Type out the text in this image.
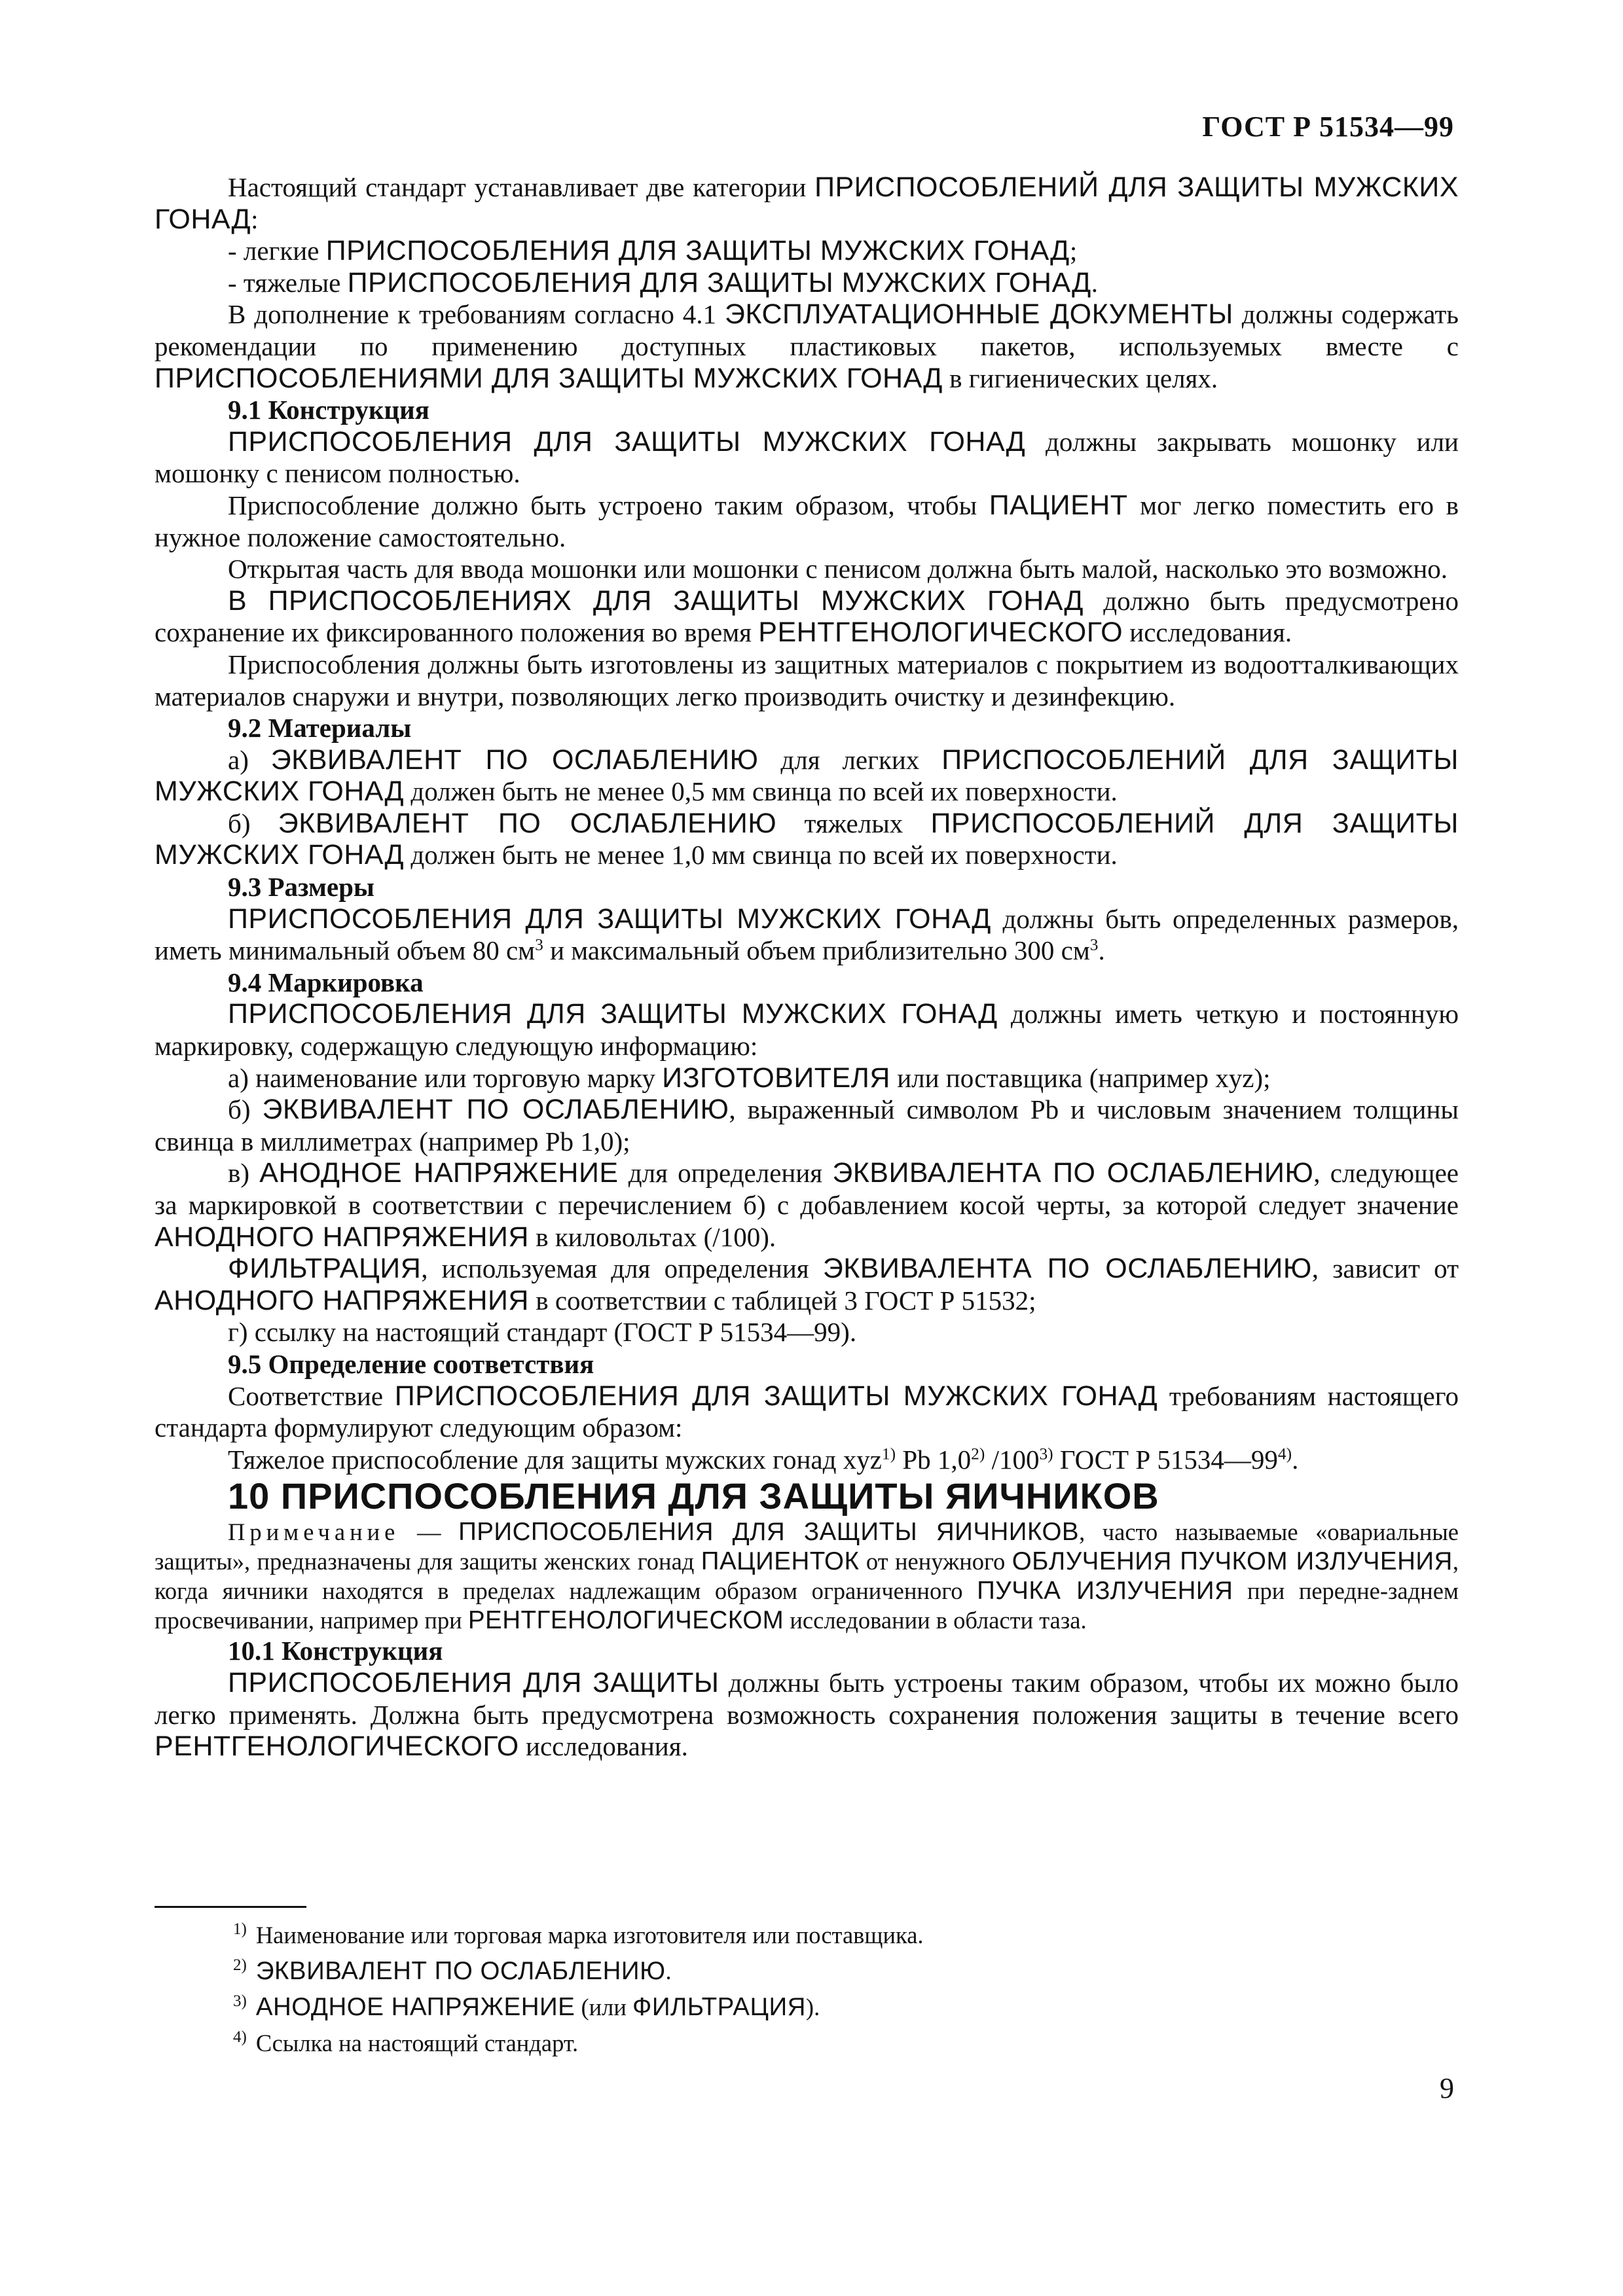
ГОСТ Р 51534—99

Настоящий стандарт устанавливает две категории ПРИСПОСОБЛЕНИЙ ДЛЯ ЗАЩИТЫ МУЖСКИХ ГОНАД:

- легкие ПРИСПОСОБЛЕНИЯ ДЛЯ ЗАЩИТЫ МУЖСКИХ ГОНАД;

- тяжелые ПРИСПОСОБЛЕНИЯ ДЛЯ ЗАЩИТЫ МУЖСКИХ ГОНАД.

В дополнение к требованиям согласно 4.1 ЭКСПЛУАТАЦИОННЫЕ ДОКУМЕНТЫ должны содержать рекомендации по применению доступных пластиковых пакетов, используемых вместе с ПРИСПОСОБЛЕНИЯМИ ДЛЯ ЗАЩИТЫ МУЖСКИХ ГОНАД в гигиенических целях.

9.1 Конструкция

ПРИСПОСОБЛЕНИЯ ДЛЯ ЗАЩИТЫ МУЖСКИХ ГОНАД должны закрывать мошонку или мошонку с пенисом полностью.

Приспособление должно быть устроено таким образом, чтобы ПАЦИЕНТ мог легко поместить его в нужное положение самостоятельно.

Открытая часть для ввода мошонки или мошонки с пенисом должна быть малой, насколько это возможно.

В ПРИСПОСОБЛЕНИЯХ ДЛЯ ЗАЩИТЫ МУЖСКИХ ГОНАД должно быть предусмотрено сохранение их фиксированного положения во время РЕНТГЕНОЛОГИЧЕСКОГО исследования.

Приспособления должны быть изготовлены из защитных материалов с покрытием из водоотталкивающих материалов снаружи и внутри, позволяющих легко производить очистку и дезинфекцию.

9.2 Материалы

а) ЭКВИВАЛЕНТ ПО ОСЛАБЛЕНИЮ для легких ПРИСПОСОБЛЕНИЙ ДЛЯ ЗАЩИТЫ МУЖСКИХ ГОНАД должен быть не менее 0,5 мм свинца по всей их поверхности.

б) ЭКВИВАЛЕНТ ПО ОСЛАБЛЕНИЮ тяжелых ПРИСПОСОБЛЕНИЙ ДЛЯ ЗАЩИТЫ МУЖСКИХ ГОНАД должен быть не менее 1,0 мм свинца по всей их поверхности.

9.3 Размеры

ПРИСПОСОБЛЕНИЯ ДЛЯ ЗАЩИТЫ МУЖСКИХ ГОНАД должны быть определенных размеров, иметь минимальный объем 80 $см^3$ и максимальный объем приблизительно 300 $см^3$.

9.4 Маркировка

ПРИСПОСОБЛЕНИЯ ДЛЯ ЗАЩИТЫ МУЖСКИХ ГОНАД должны иметь четкую и постоянную маркировку, содержащую следующую информацию:

а) наименование или торговую марку ИЗГОТОВИТЕЛЯ или поставщика (например xyz);

б) ЭКВИВАЛЕНТ ПО ОСЛАБЛЕНИЮ, выраженный символом Pb и числовым значением толщины свинца в миллиметрах (например Pb 1,0);

в) АНОДНОЕ НАПРЯЖЕНИЕ для определения ЭКВИВАЛЕНТА ПО ОСЛАБЛЕНИЮ, следующее за маркировкой в соответствии с перечислением б) с добавлением косой черты, за которой следует значение АНОДНОГО НАПРЯЖЕНИЯ в киловольтах (/100).

ФИЛЬТРАЦИЯ, используемая для определения ЭКВИВАЛЕНТА ПО ОСЛАБЛЕНИЮ, зависит от АНОДНОГО НАПРЯЖЕНИЯ в соответствии с таблицей 3 ГОСТ Р 51532;

г) ссылку на настоящий стандарт (ГОСТ Р 51534—99).

9.5 Определение соответствия

Соответствие ПРИСПОСОБЛЕНИЯ ДЛЯ ЗАЩИТЫ МУЖСКИХ ГОНАД требованиям настоящего стандарта формулируют следующим образом:

Тяжелое приспособление для защиты мужских гонад xyz$^{1)}$ Pb 1,0$^{2)}$ /100$^{3)}$ ГОСТ Р 51534—99$^{4)}$.

10 ПРИСПОСОБЛЕНИЯ ДЛЯ ЗАЩИТЫ ЯИЧНИКОВ

Примечание — ПРИСПОСОБЛЕНИЯ ДЛЯ ЗАЩИТЫ ЯИЧНИКОВ, часто называемые «овариальные защиты», предназначены для защиты женских гонад ПАЦИЕНТОК от ненужного ОБЛУЧЕНИЯ ПУЧКОМ ИЗЛУЧЕНИЯ, когда яичники находятся в пределах надлежащим образом ограниченного ПУЧКА ИЗЛУЧЕНИЯ при передне-заднем просвечивании, например при РЕНТГЕНОЛОГИЧЕСКОМ исследовании в области таза.

10.1 Конструкция

ПРИСПОСОБЛЕНИЯ ДЛЯ ЗАЩИТЫ должны быть устроены таким образом, чтобы их можно было легко применять. Должна быть предусмотрена возможность сохранения положения защиты в течение всего РЕНТГЕНОЛОГИЧЕСКОГО исследования.

$^{1)}$ Наименование или торговая марка изготовителя или поставщика.

$^{2)}$ ЭКВИВАЛЕНТ ПО ОСЛАБЛЕНИЮ.

$^{3)}$ АНОДНОЕ НАПРЯЖЕНИЕ (или ФИЛЬТРАЦИЯ).

$^{4)}$ Ссылка на настоящий стандарт.

9
